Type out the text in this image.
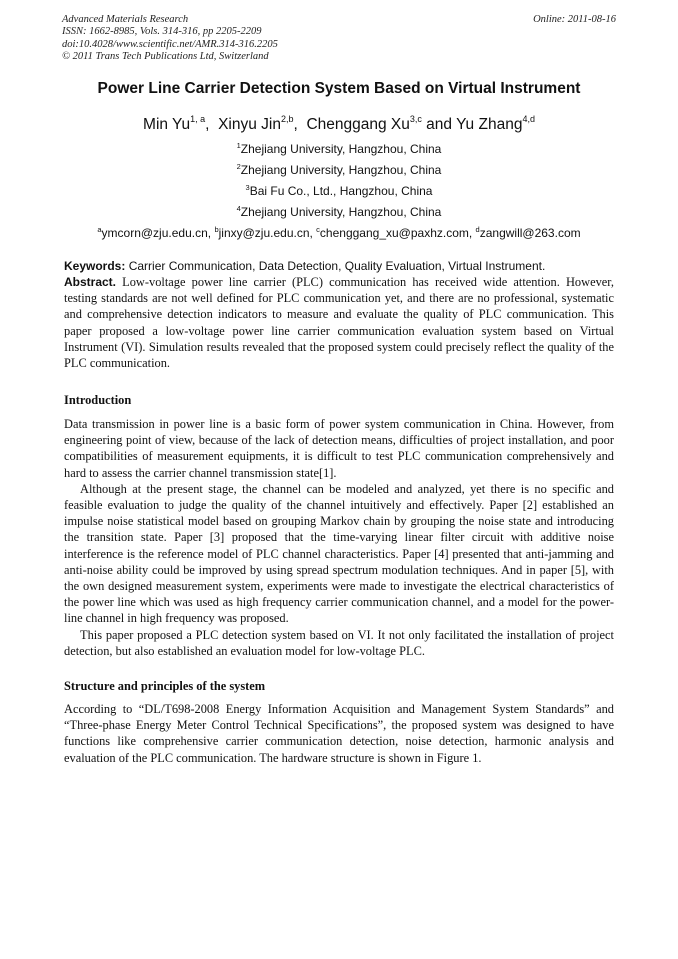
Advanced Materials Research
ISSN: 1662-8985, Vols. 314-316, pp 2205-2209
doi:10.4028/www.scientific.net/AMR.314-316.2205
© 2011 Trans Tech Publications Ltd, Switzerland
Online: 2011-08-16
Power Line Carrier Detection System Based on Virtual Instrument
Min Yu$^{1, a}$,  Xinyu Jin$^{2,b}$,  Chenggang Xu$^{3,c}$ and Yu Zhang$^{4,d}$
$^1$Zhejiang University, Hangzhou, China
$^2$Zhejiang University, Hangzhou, China
$^3$Bai Fu Co., Ltd., Hangzhou, China
$^4$Zhejiang University, Hangzhou, China
$^a$ymcorn@zju.edu.cn, $^b$jinxy@zju.edu.cn, $^c$chenggang_xu@paxhz.com, $^d$zangwill@263.com
Keywords: Carrier Communication, Data Detection, Quality Evaluation, Virtual Instrument.

Abstract. Low-voltage power line carrier (PLC) communication has received wide attention. However, testing standards are not well defined for PLC communication yet, and there are no professional, systematic and comprehensive detection indicators to measure and evaluate the quality of PLC communication. This paper proposed a low-voltage power line carrier communication evaluation system based on Virtual Instrument (VI). Simulation results revealed that the proposed system could precisely reflect the quality of the PLC communication.

Introduction

Data transmission in power line is a basic form of power system communication in China. However, from engineering point of view, because of the lack of detection means, difficulties of project installation, and poor compatibilities of measurement equipments, it is difficult to test PLC communication comprehensively and hard to assess the carrier channel transmission state[1].

Although at the present stage, the channel can be modeled and analyzed, yet there is no specific and feasible evaluation to judge the quality of the channel intuitively and effectively. Paper [2] established an impulse noise statistical model based on grouping Markov chain by grouping the noise state and introducing the transition state. Paper [3] proposed that the time-varying linear filter circuit with additive noise interference is the reference model of PLC channel characteristics. Paper [4] presented that anti-jamming and anti-noise ability could be improved by using spread spectrum modulation techniques. And in paper [5], with the own designed measurement system, experiments were made to investigate the electrical characteristics of the power line which was used as high frequency carrier communication channel, and a model for the power-line channel in high frequency was proposed.

This paper proposed a PLC detection system based on VI. It not only facilitated the installation of project detection, but also established an evaluation model for low-voltage PLC.

Structure and principles of the system

According to “DL/T698-2008 Energy Information Acquisition and Management System Standards” and “Three-phase Energy Meter Control Technical Specifications”, the proposed system was designed to have functions like comprehensive carrier communication detection, noise detection, harmonic analysis and evaluation of the PLC communication. The hardware structure is shown in Figure 1.
